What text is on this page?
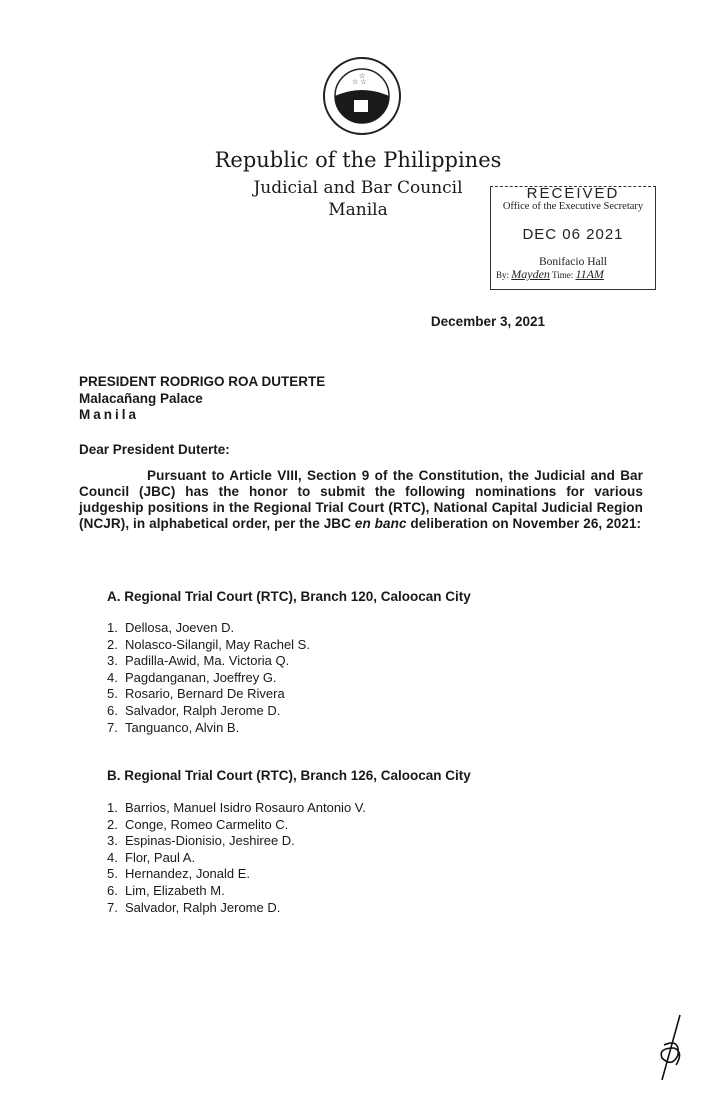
☆ ☆
☆
Republic of the Philippines
Judicial and Bar Council
Manila
RECEIVED
Office of the Executive Secretary
DEC 06 2021
Bonifacio Hall
By: Mayden Time: 11AM
December 3, 2021
PRESIDENT RODRIGO ROA DUTERTE
Malacañang Palace
Manila
Dear President Duterte:
Pursuant to Article VIII, Section 9 of the Constitution, the Judicial and Bar Council (JBC) has the honor to submit the following nominations for various judgeship positions in the Regional Trial Court (RTC), National Capital Judicial Region (NCJR), in alphabetical order, per the JBC en banc deliberation on November 26, 2021:
A. Regional Trial Court (RTC), Branch 120, Caloocan City
1. Dellosa, Joeven D.
2. Nolasco-Silangil, May Rachel S.
3. Padilla-Awid, Ma. Victoria Q.
4. Pagdanganan, Joeffrey G.
5. Rosario, Bernard De Rivera
6. Salvador, Ralph Jerome D.
7. Tanguanco, Alvin B.
B. Regional Trial Court (RTC), Branch 126, Caloocan City
1. Barrios, Manuel Isidro Rosauro Antonio V.
2. Conge, Romeo Carmelito C.
3. Espinas-Dionisio, Jeshiree D.
4. Flor, Paul A.
5. Hernandez, Jonald E.
6. Lim, Elizabeth M.
7. Salvador, Ralph Jerome D.
